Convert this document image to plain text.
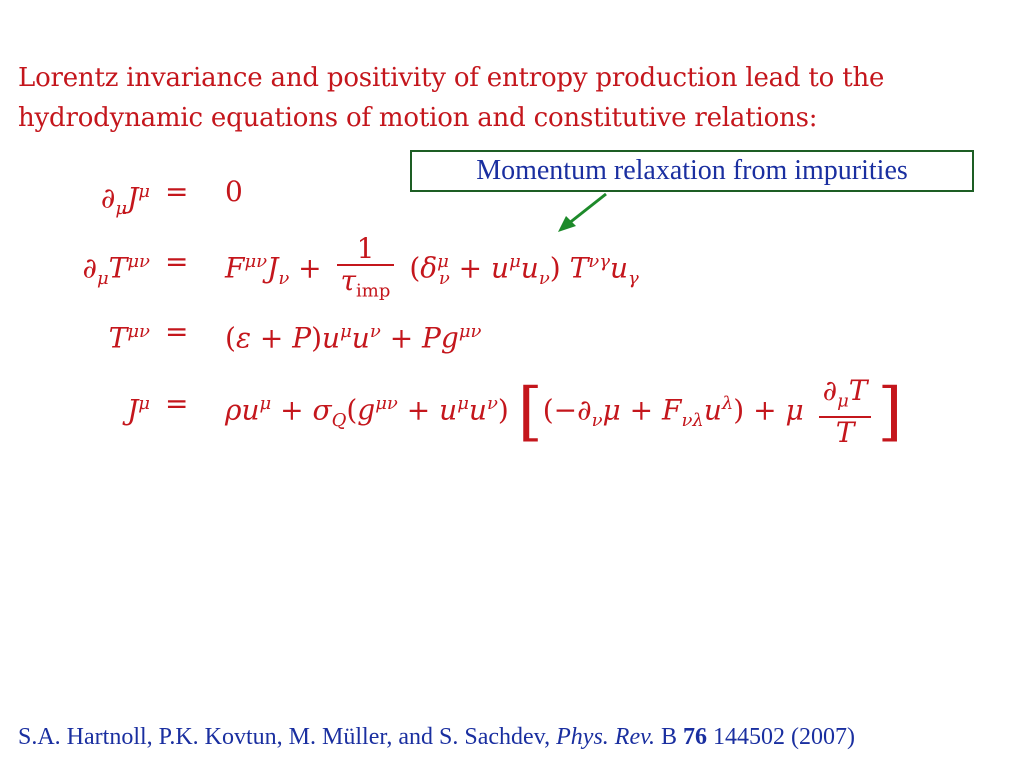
Lorentz invariance and positivity of entropy production lead to the
hydrodynamic equations of motion and constitutive relations:
Momentum relaxation from impurities
$\partial_\mu J^\mu = 0$
$\partial_\mu T^{\mu\nu} = F^{\mu\nu}J_\nu + \frac{1}{\tau_{imp}} (\delta^\mu_\nu + u^\mu u_\nu)$ $T^{\nu\gamma}u_\gamma$
$T^{\mu\nu} = (\varepsilon + P)u^\mu u^\nu + Pg^{\mu\nu}$
$J^\mu = \rho u^\mu + \sigma_Q(g^{\mu\nu} + u^\mu u^\nu) [(-\partial_\nu\mu + F_{\nu\lambda}u^\lambda) + \mu \frac{\partial_\mu T}{T}$ ]
S.A. Hartnoll, P.K. Kovtun, M. Müller, and S. Sachdev, Phys. Rev. B 76 144502 (2007)
